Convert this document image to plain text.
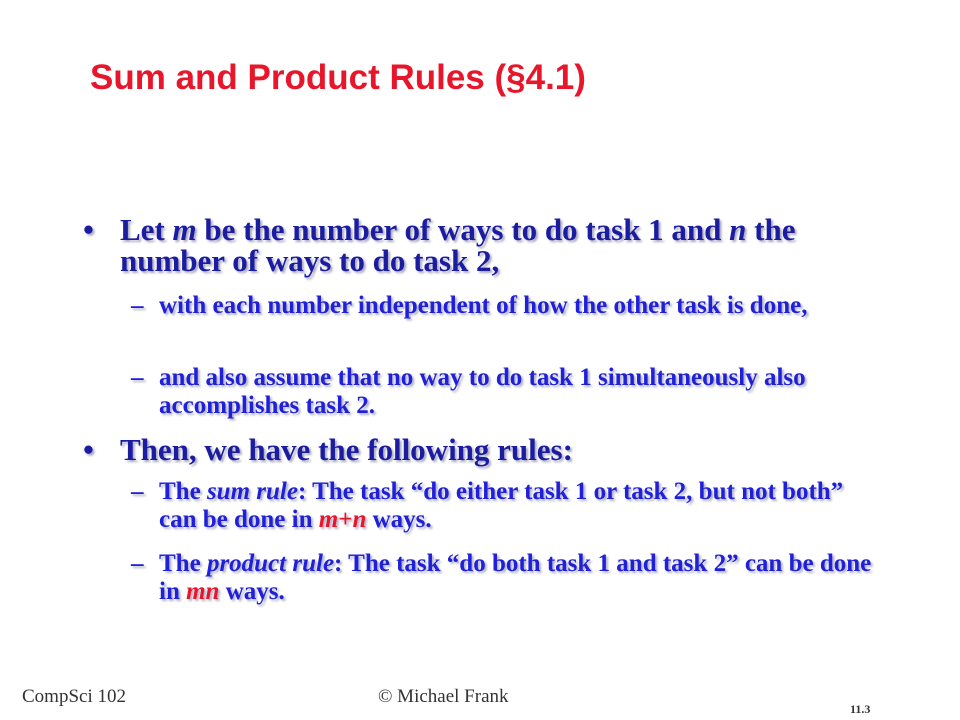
Sum and Product Rules (§4.1)
• Let m be the number of ways to do task 1 and n the number of ways to do task 2,
– with each number independent of how the other task is done,
– and also assume that no way to do task 1 simultaneously also accomplishes task 2.
• Then, we have the following rules:
– The sum rule: The task “do either task 1 or task 2, but not both” can be done in m+n ways.
– The product rule: The task “do both task 1 and task 2” can be done in mn ways.
CompSci 102	© Michael Frank
11.3
